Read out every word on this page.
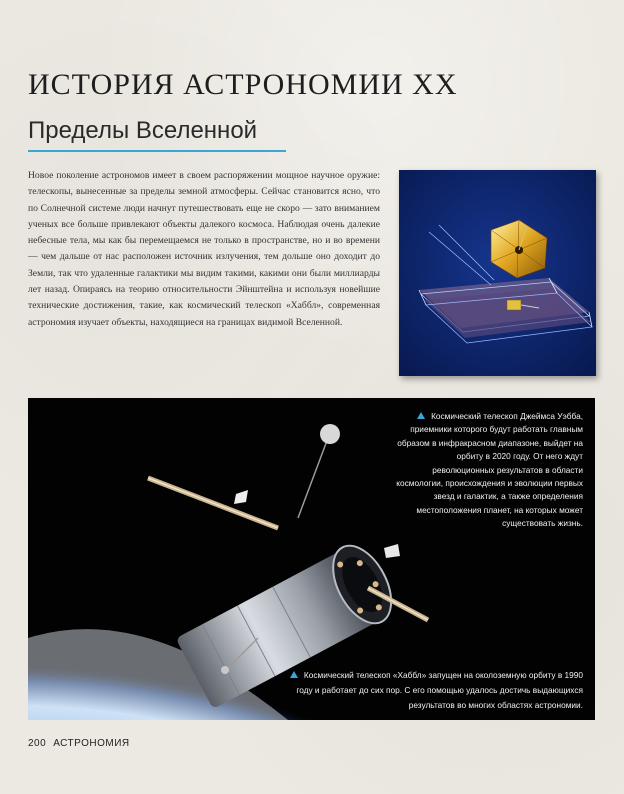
ИСТОРИЯ АСТРОНОМИИ XX
Пределы Вселенной

Новое поколение астрономов имеет в своем распоряжении мощное научное оружие: телескопы, вынесенные за пределы земной атмосферы. Сейчас становится ясно, что по Солнечной системе люди начнут путешествовать еще не скоро — зато вниманием ученых все больше привлекают объекты далекого космоса. Наблюдая очень далекие небесные тела, мы как бы перемещаемся не только в пространстве, но и во времени — чем дальше от нас расположен источник излучения, тем дольше оно доходит до Земли, так что удаленные галактики мы видим такими, какими они были миллиарды лет назад. Опираясь на теорию относительности Эйнштейна и используя новейшие технические достижения, такие, как космический телескоп «Хаббл», современная астрономия изучает объекты, находящиеся на границах видимой Вселенной.

Космический телескоп Джеймса Уэбба, приемники которого будут работать главным образом в инфракрасном диапазоне, выйдет на орбиту в 2020 году. От него ждут революционных результатов в области космологии, происхождения и эволюции первых звезд и галактик, а также определения местоположения планет, на которых может существовать жизнь.

Космический телескоп «Хаббл» запущен на околоземную орбиту в 1990 году и работает до сих пор. С его помощью удалось достичь выдающихся результатов во многих областях астрономии.

200 АСТРОНОМИЯ
